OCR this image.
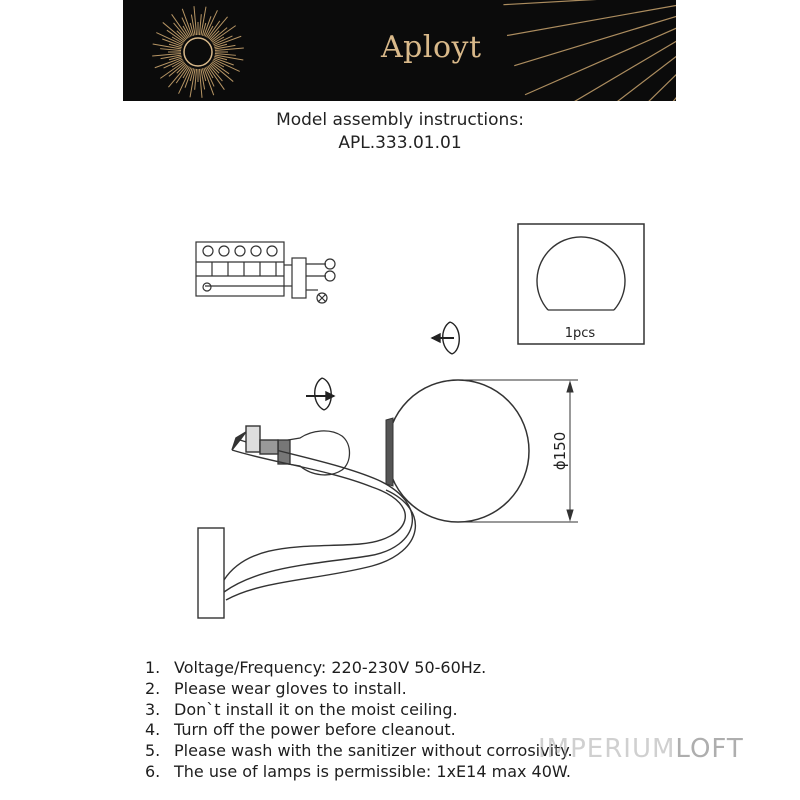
Aployt
Model assembly instructions:
APL.333.01.01
1pcs
ϕ150
1. Voltage/Frequency: 220-230V 50-60Hz.
2. Please wear gloves to install.
3. Don`t install it on the moist ceiling.
4. Turn off the power before cleanout.
5. Please wash with the sanitizer without corrosivity.
6. The use of lamps is permissible: 1xE14 max 40W.
IMPERIUMLOFT
